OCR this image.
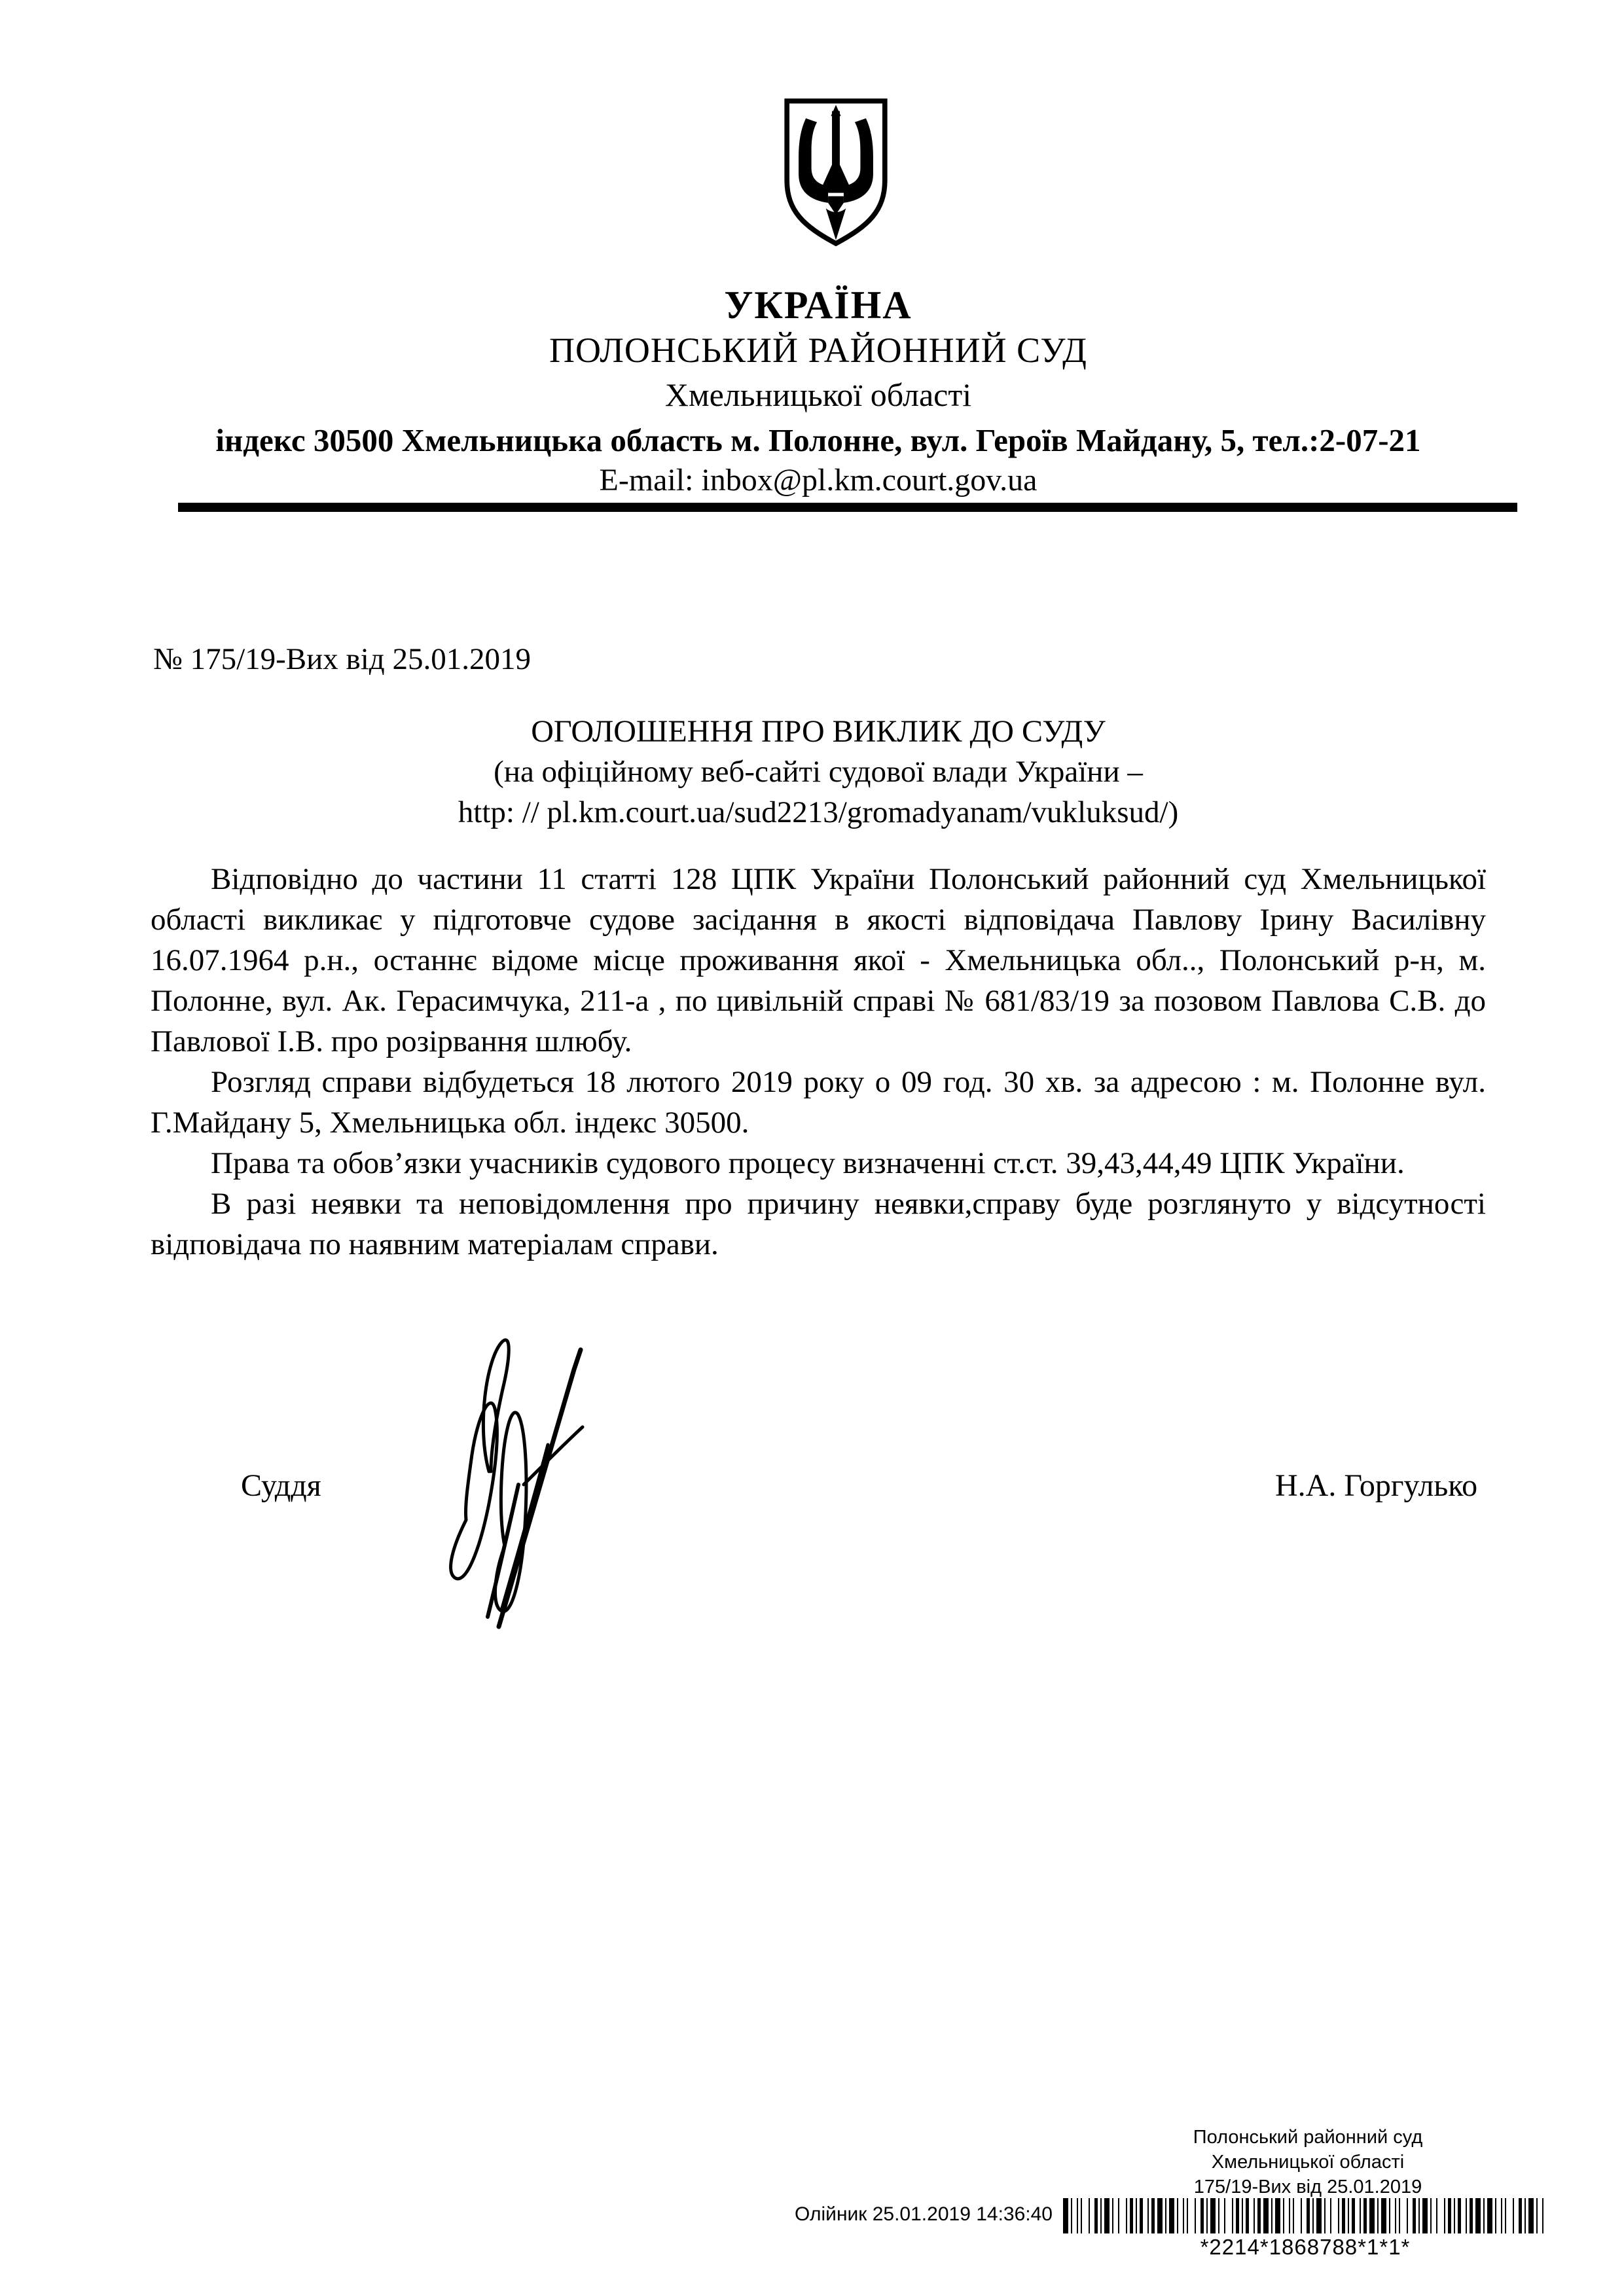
УКРАЇНА
ПОЛОНСЬКИЙ РАЙОННИЙ СУД
Хмельницької області
індекс 30500 Хмельницька область м. Полонне, вул. Героїв Майдану, 5, тел.:2-07-21
E-mail: inbox@pl.km.court.gov.ua
№ 175/19-Вих від 25.01.2019
ОГОЛОШЕННЯ ПРО ВИКЛИК ДО СУДУ
(на офіційному веб-сайті судової влади України –
http: // pl.km.court.ua/sud2213/gromadyanam/vukluksud/)

Відповідно до частини 11 статті 128 ЦПК України Полонський районний суд Хмельницької області викликає у підготовче судове засідання в якості відповідача Павлову Ірину Василівну 16.07.1964 р.н., останнє відоме місце проживання якої - Хмельницька обл.., Полонський р-н, м. Полонне, вул. Ак. Герасимчука, 211-а , по цивільній справі № 681/83/19 за позовом Павлова С.В. до Павлової І.В. про розірвання шлюбу.

Розгляд справи відбудеться 18 лютого 2019 року о 09 год. 30 хв. за адресою : м. Полонне вул. Г.Майдану 5, Хмельницька обл. індекс 30500.

Права та обов’язки учасників судового процесу визначенні ст.ст. 39,43,44,49 ЦПК України.

В разі неявки та неповідомлення про причину неявки,справу буде розглянуто у відсутності відповідача по наявним матеріалам справи.

Суддя	Н.А. Горгулько
Полонський районний суд
Хмельницької області
175/19-Вих від 25.01.2019
Олійник 25.01.2019 14:36:40
*2214*1868788*1*1*
